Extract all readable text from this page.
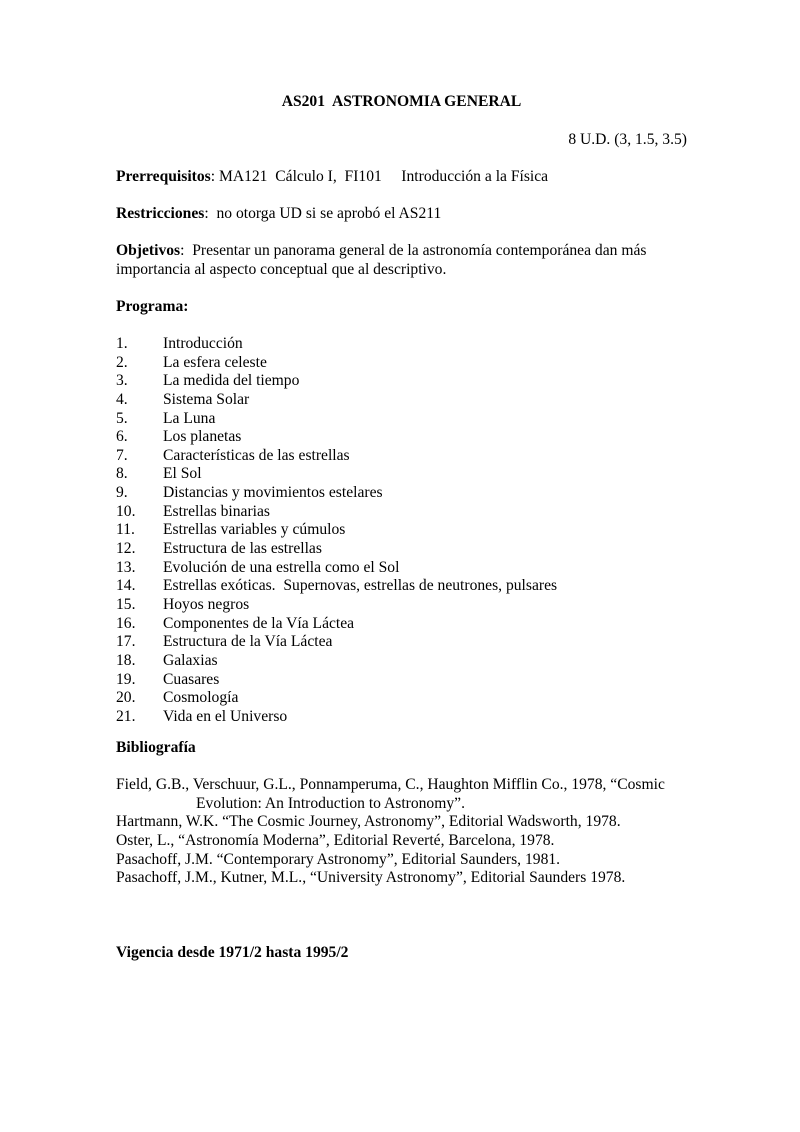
AS201  ASTRONOMIA GENERAL
8 U.D. (3, 1.5, 3.5)
Prerrequisitos: MA121  Cálculo I,  FI101     Introducción a la Física
Restricciones:  no otorga UD si se aprobó el AS211
Objetivos:  Presentar un panorama general de la astronomía contemporánea dan más
importancia al aspecto conceptual que al descriptivo.
Programa:
1. Introducción
2. La esfera celeste
3. La medida del tiempo
4. Sistema Solar
5. La Luna
6. Los planetas
7. Características de las estrellas
8. El Sol
9. Distancias y movimientos estelares
10. Estrellas binarias
11. Estrellas variables y cúmulos
12. Estructura de las estrellas
13. Evolución de una estrella como el Sol
14. Estrellas exóticas.  Supernovas, estrellas de neutrones, pulsares
15. Hoyos negros
16. Componentes de la Vía Láctea
17. Estructura de la Vía Láctea
18. Galaxias
19. Cuasares
20. Cosmología
21. Vida en el Universo
Bibliografía
Field, G.B., Verschuur, G.L., Ponnamperuma, C., Haughton Mifflin Co., 1978, “Cosmic
Evolution: An Introduction to Astronomy”.
Hartmann, W.K. “The Cosmic Journey, Astronomy”, Editorial Wadsworth, 1978.
Oster, L., “Astronomía Moderna”, Editorial Reverté, Barcelona, 1978.
Pasachoff, J.M. “Contemporary Astronomy”, Editorial Saunders, 1981.
Pasachoff, J.M., Kutner, M.L., “University Astronomy”, Editorial Saunders 1978.
Vigencia desde 1971/2 hasta 1995/2
